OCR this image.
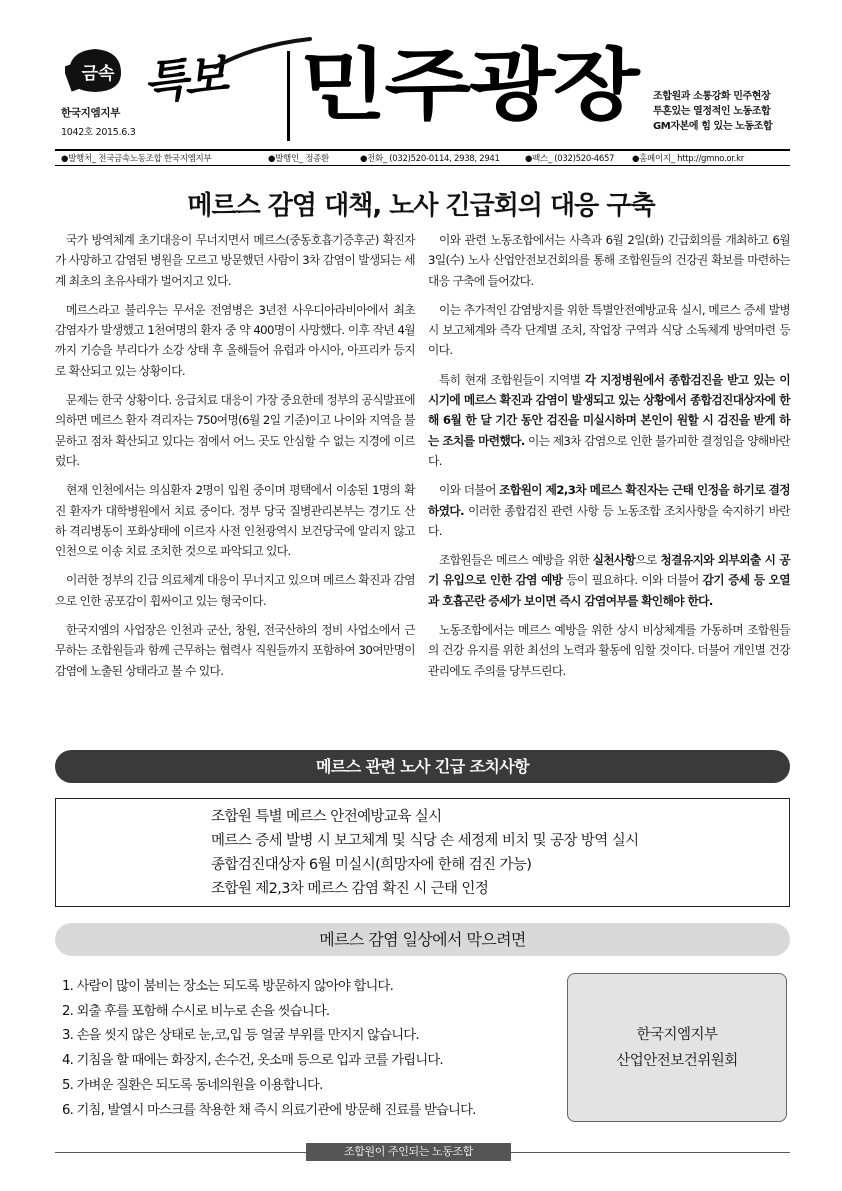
금속
한국지엠지부
1042호 2015.6.3
특보 민주광장 조합원과 소통강화 민주현장
투혼있는 열정적인 노동조합
GM자본에 힘 있는 노동조합
●발행처_ 전국금속노동조합 한국지엠지부	●발행인_ 정종환	●전화_ (032)520-0114, 2938, 2941	●팩스_ (032)520-4657 ●홈페이지_ http://gmno.or.kr
메르스 감염 대책, 노사 긴급회의 대응 구축

국가 방역체계 초기대응이 무너지면서 메르스(중동호흡기증후군) 확진자가 사망하고 감염된 병원을 모르고 방문했던 사람이 3차 감염이 발생되는 세계 최초의 초유사태가 벌어지고 있다.

메르스라고 불리우는 무서운 전염병은 3년전 사우디아라비아에서 최초 감염자가 발생했고 1천여명의 환자 중 약 400명이 사망했다. 이후 작년 4월까지 기승을 부리다가 소강 상태 후 올해들어 유럽과 아시아, 아프리카 등지로 확산되고 있는 상황이다.

문제는 한국 상황이다. 응급치료 대응이 가장 중요한데 정부의 공식발표에 의하면 메르스 환자 격리자는 750여명(6월 2일 기준)이고 나이와 지역을 불문하고 점차 확산되고 있다는 점에서 어느 곳도 안심할 수 없는 지경에 이르렀다.

현재 인천에서는 의심환자 2명이 입원 중이며 평택에서 이송된 1명의 확진 환자가 대학병원에서 치료 중이다. 정부 당국 질병관리본부는 경기도 산하 격리병동이 포화상태에 이르자 사전 인천광역시 보건당국에 알리지 않고 인천으로 이송 치료 조치한 것으로 파악되고 있다.

이러한 정부의 긴급 의료체계 대응이 무너지고 있으며 메르스 확진과 감염으로 인한 공포감이 휩싸이고 있는 형국이다.

한국지엠의 사업장은 인천과 군산, 창원, 전국산하의 정비 사업소에서 근무하는 조합원들과 함께 근무하는 협력사 직원들까지 포함하여 30여만명이 감염에 노출된 상태라고 볼 수 있다.

이와 관련 노동조합에서는 사측과 6월 2일(화) 긴급회의를 개최하고 6월 3일(수) 노사 산업안전보건회의를 통해 조합원들의 건강권 확보를 마련하는 대응 구축에 들어갔다.

이는 추가적인 감염방지를 위한 특별안전예방교육 실시, 메르스 증세 발병 시 보고체계와 즉각 단계별 조치, 작업장 구역과 식당 소독체계 방역마련 등이다.

특히 현재 조합원들이 지역별 각 지정병원에서 종합검진을 받고 있는 이 시기에 메르스 확진과 감염이 발생되고 있는 상황에서 종합검진대상자에 한해 6월 한 달 기간 동안 검진을 미실시하며 본인이 원할 시 검진을 받게 하는 조치를 마련했다. 이는 제3차 감염으로 인한 불가피한 결정임을 양해바란다.

이와 더불어 조합원이 제2,3차 메르스 확진자는 근태 인정을 하기로 결정하였다. 이러한 종합검진 관련 사항 등 노동조합 조치사항을 숙지하기 바란다.

조합원들은 메르스 예방을 위한 실천사항으로 청결유지와 외부외출 시 공기 유입으로 인한 감염 예방 등이 필요하다. 이와 더불어 감기 증세 등 오열과 호흡곤란 증세가 보이면 즉시 감염여부를 확인해야 한다.

노동조합에서는 메르스 예방을 위한 상시 비상체계를 가동하며 조합원들의 건강 유지를 위한 최선의 노력과 활동에 임할 것이다. 더불어 개인별 건강 관리에도 주의를 당부드린다.

메르스 관련 노사 긴급 조치사항
조합원 특별 메르스 안전예방교육 실시
메르스 증세 발병 시 보고체계 및 식당 손 세정제 비치 및 공장 방역 실시
종합검진대상자 6월 미실시(희망자에 한해 검진 가능)
조합원 제2,3차 메르스 감염 확진 시 근태 인정
메르스 감염 일상에서 막으려면
1. 사람이 많이 붐비는 장소는 되도록 방문하지 않아야 합니다.
2. 외출 후를 포함해 수시로 비누로 손을 씻습니다.
3. 손을 씻지 않은 상태로 눈,코,입 등 얼굴 부위를 만지지 않습니다.
4. 기침을 할 때에는 화장지, 손수건, 옷소매 등으로 입과 코를 가립니다.
5. 가벼운 질환은 되도록 동네의원을 이용합니다.
6. 기침, 발열시 마스크를 착용한 채 즉시 의료기관에 방문해 진료를 받습니다.
한국지엠지부
산업안전보건위원회
조합원이 주인되는 노동조합
